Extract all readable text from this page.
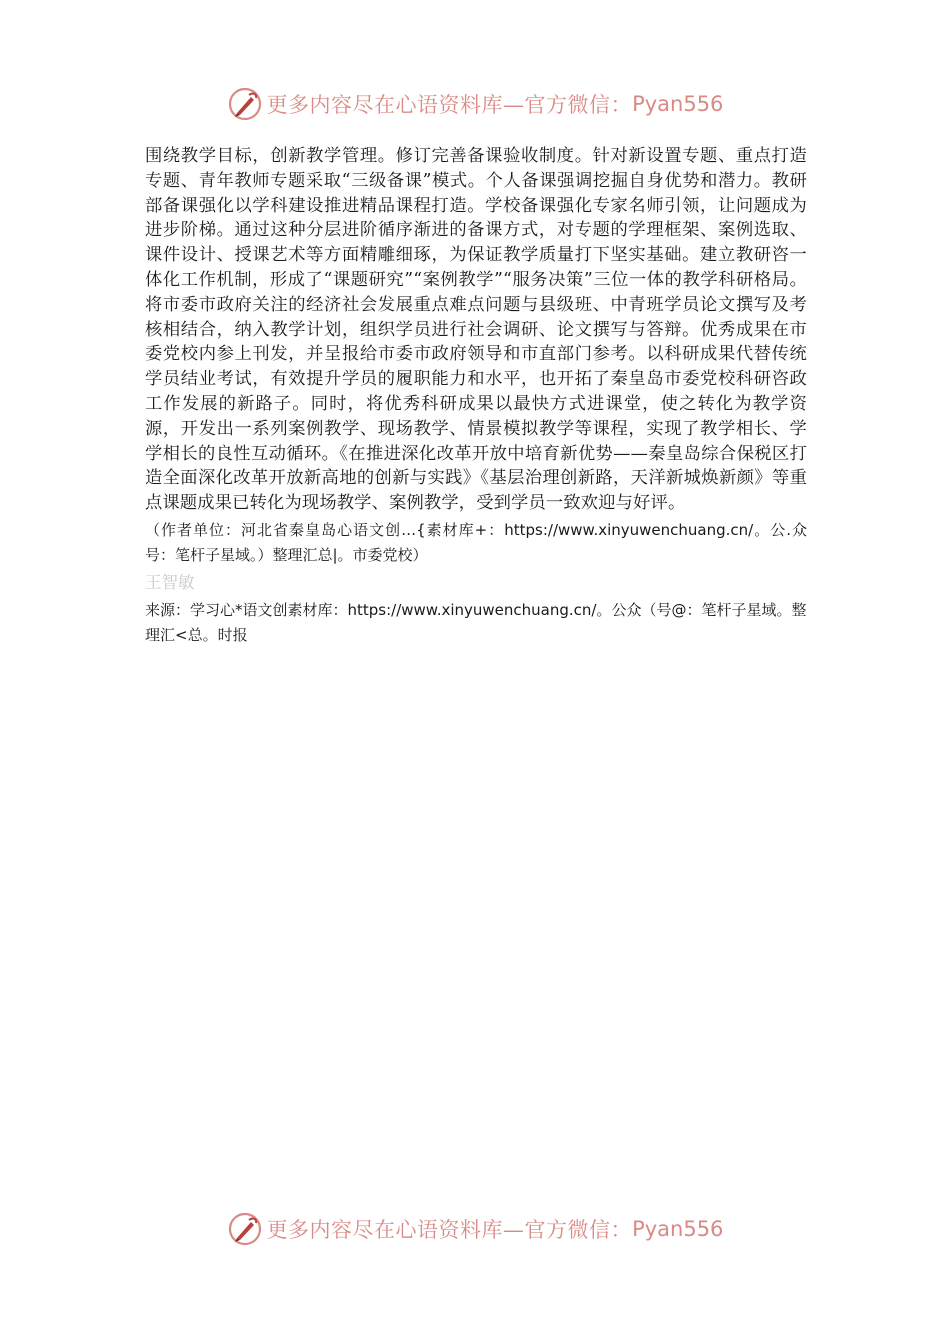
更多内容尽在心语资料库—官方微信： Pyan556

围绕教学目标，创新教学管理。修订完善备课验收制度。针对新设置专题、重点打造专题、青年教师专题采取“三级备课”模式。个人备课强调挖掘自身优势和潜力。教研部备课强化以学科建设推进精品课程打造。学校备课强化专家名师引领，让问题成为进步阶梯。通过这种分层进阶循序渐进的备课方式，对专题的学理框架、案例选取、课件设计、授课艺术等方面精雕细琢，为保证教学质量打下坚实基础。建立教研咨一体化工作机制，形成了“课题研究”“案例教学”“服务决策”三位一体的教学科研格局。将市委市政府关注的经济社会发展重点难点问题与县级班、中青班学员论文撰写及考核相结合，纳入教学计划，组织学员进行社会调研、论文撰写与答辩。优秀成果在市委党校内参上刊发，并呈报给市委市政府领导和市直部门参考。以科研成果代替传统学员结业考试，有效提升学员的履职能力和水平，也开拓了秦皇岛市委党校科研咨政工作发展的新路子。同时，将优秀科研成果以最快方式进课堂，使之转化为教学资源，开发出一系列案例教学、现场教学、情景模拟教学等课程，实现了教学相长、学学相长的良性互动循环。《在推进深化改革开放中培育新优势——秦皇岛综合保税区打造全面深化改革开放新高地的创新与实践》《基层治理创新路，天洋新城焕新颜》等重点课题成果已转化为现场教学、案例教学，受到学员一致欢迎与好评。

（作者单位：河北省秦皇岛心语文创…{素材库+：https://www.xinyuwenchuang.cn/。公.众号：笔杆子星域。）整理汇总|。市委党校）

王智敏

来源：学习心*语文创素材库：https://www.xinyuwenchuang.cn/。公众（号@：笔杆子星域。整理汇<总。时报

更多内容尽在心语资料库—官方微信： Pyan556
